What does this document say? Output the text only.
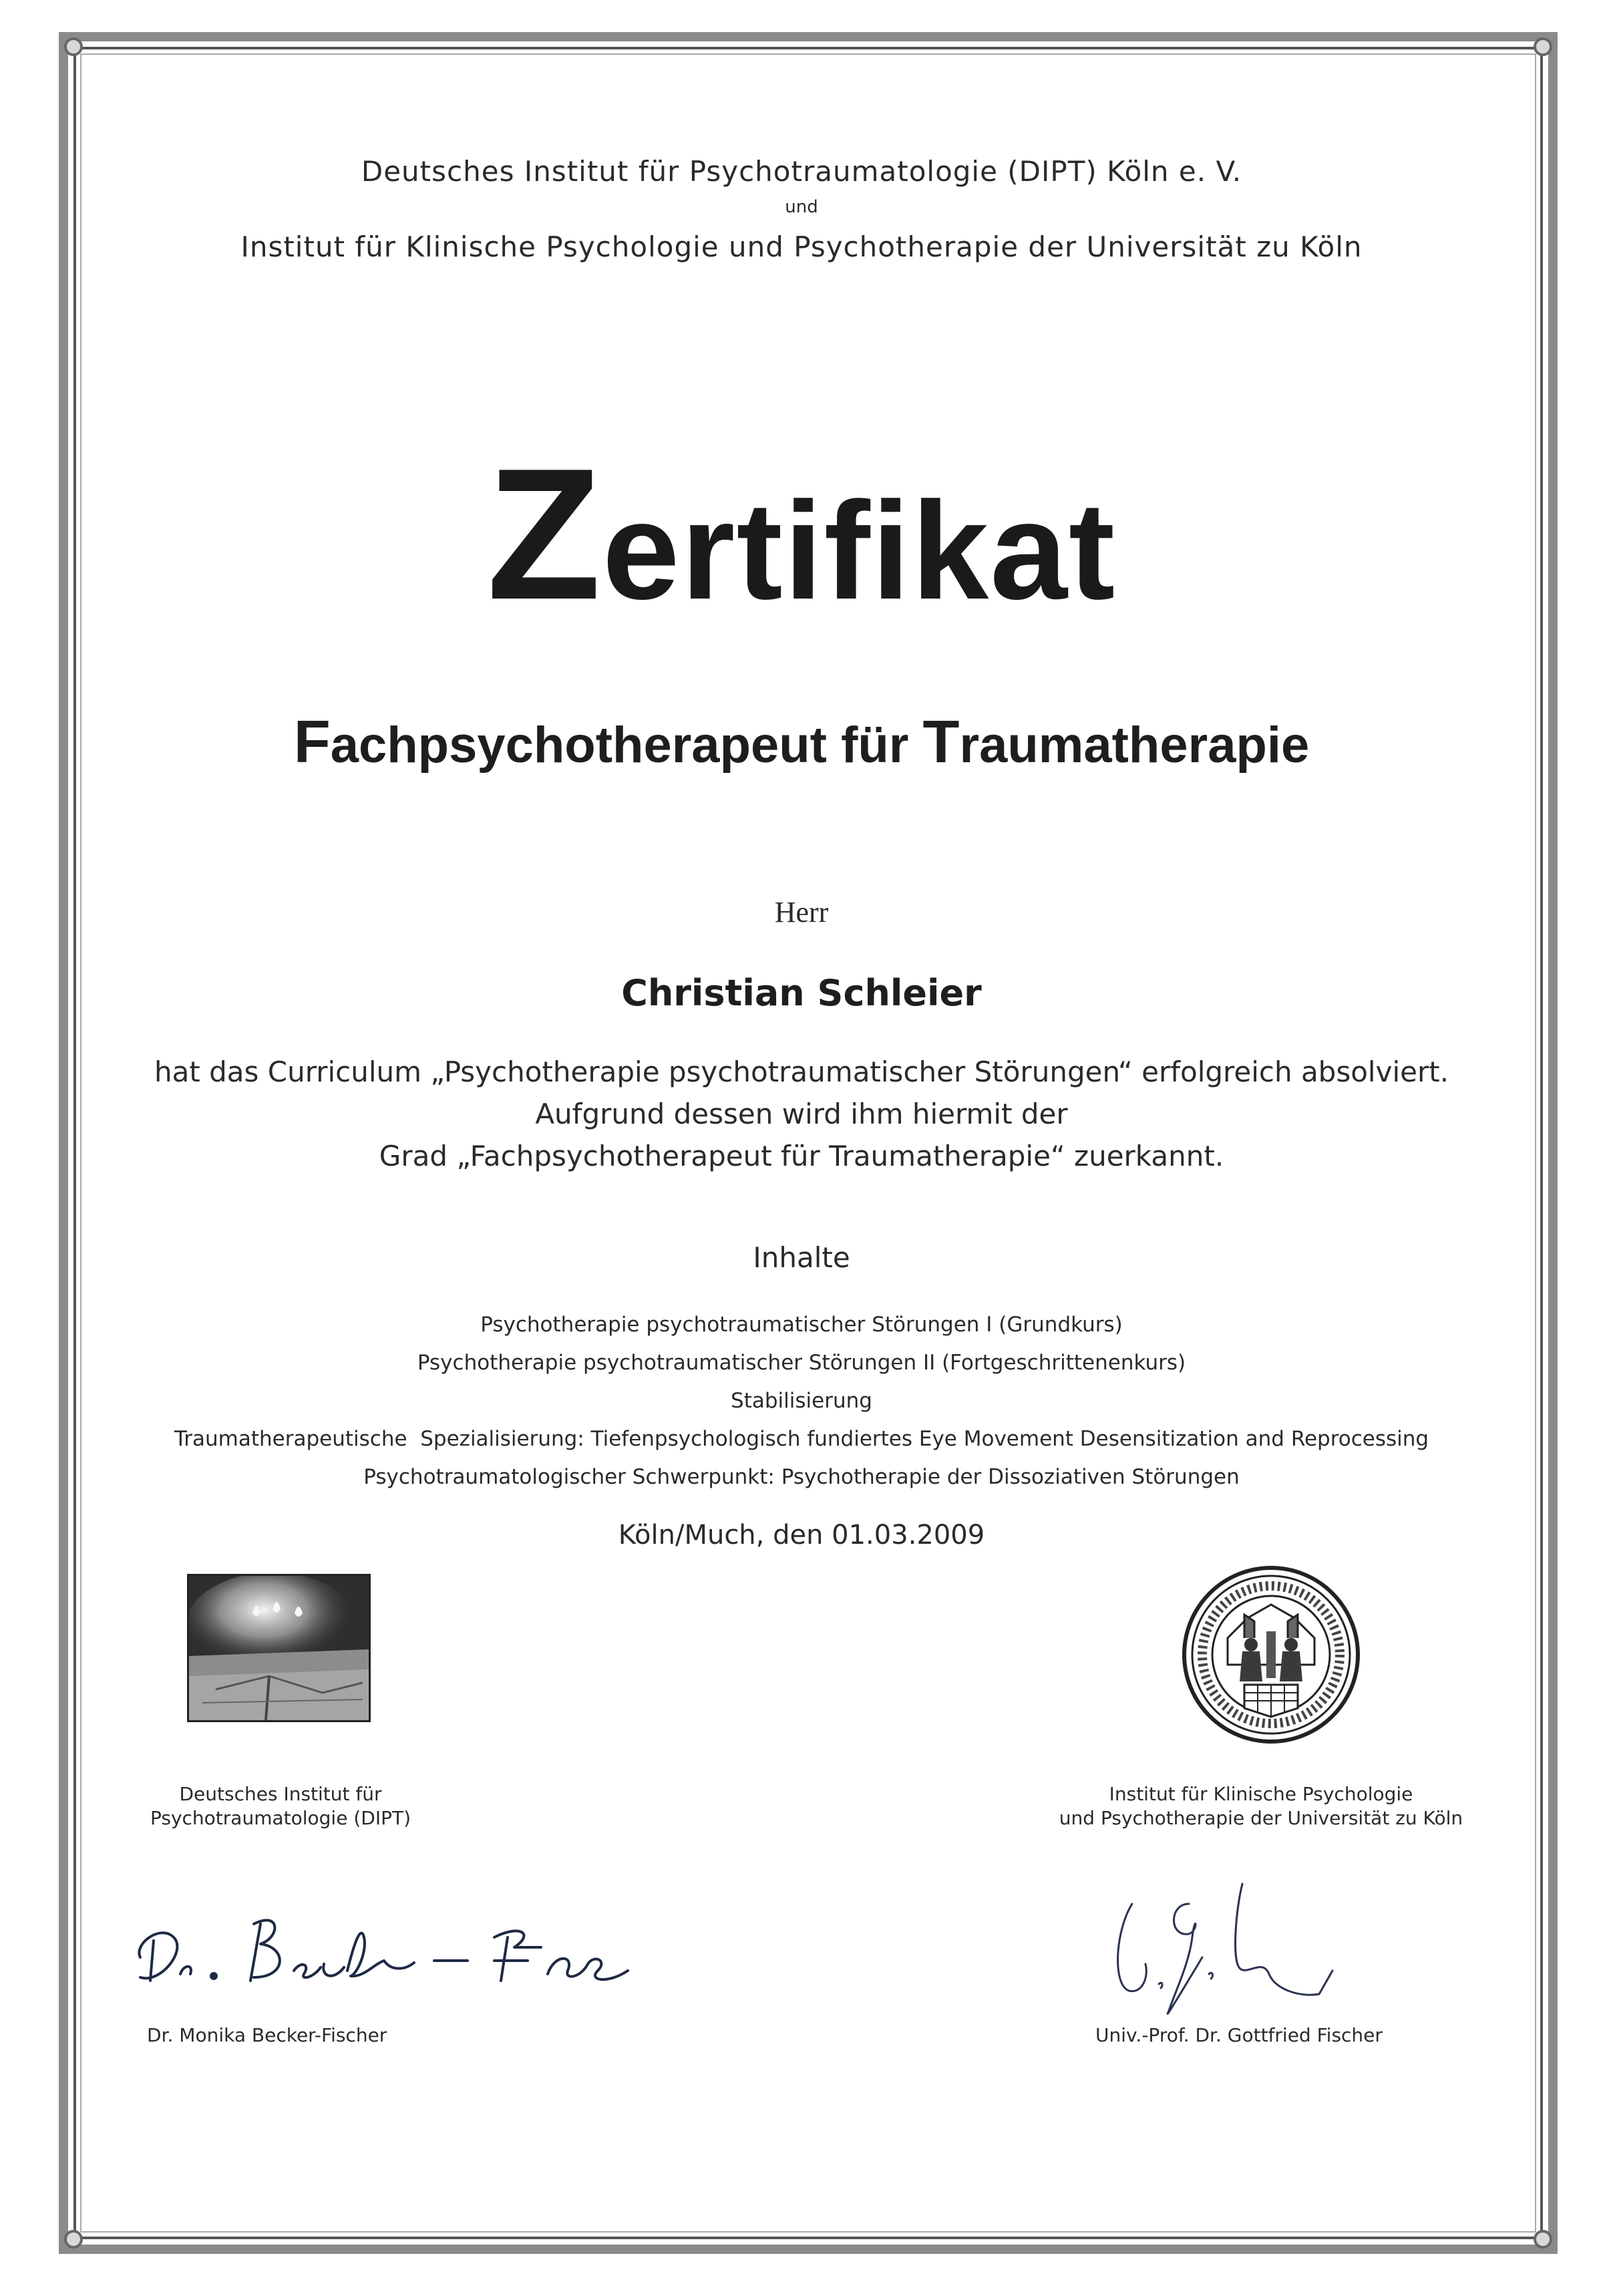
Deutsches Institut für Psychotraumatologie (DIPT) Köln e. V.
und
Institut für Klinische Psychologie und Psychotherapie der Universität zu Köln
Zertifikat
Fachpsychotherapeut für Traumatherapie
Herr
Christian Schleier
hat das Curriculum „Psychotherapie psychotraumatischer Störungen“ erfolgreich absolviert.
Aufgrund dessen wird ihm hiermit der
Grad „Fachpsychotherapeut für Traumatherapie“ zuerkannt.
Inhalte
Psychotherapie psychotraumatischer Störungen I (Grundkurs)
Psychotherapie psychotraumatischer Störungen II (Fortgeschrittenenkurs)
Stabilisierung
Traumatherapeutische  Spezialisierung: Tiefenpsychologisch fundiertes Eye Movement Desensitization and Reprocessing
Psychotraumatologischer Schwerpunkt: Psychotherapie der Dissoziativen Störungen
Köln/Much, den 01.03.2009
Deutsches Institut für
Psychotraumatologie (DIPT)
Institut für Klinische Psychologie
und Psychotherapie der Universität zu Köln
Dr. Monika Becker-Fischer	Univ.-Prof. Dr. Gottfried Fischer
